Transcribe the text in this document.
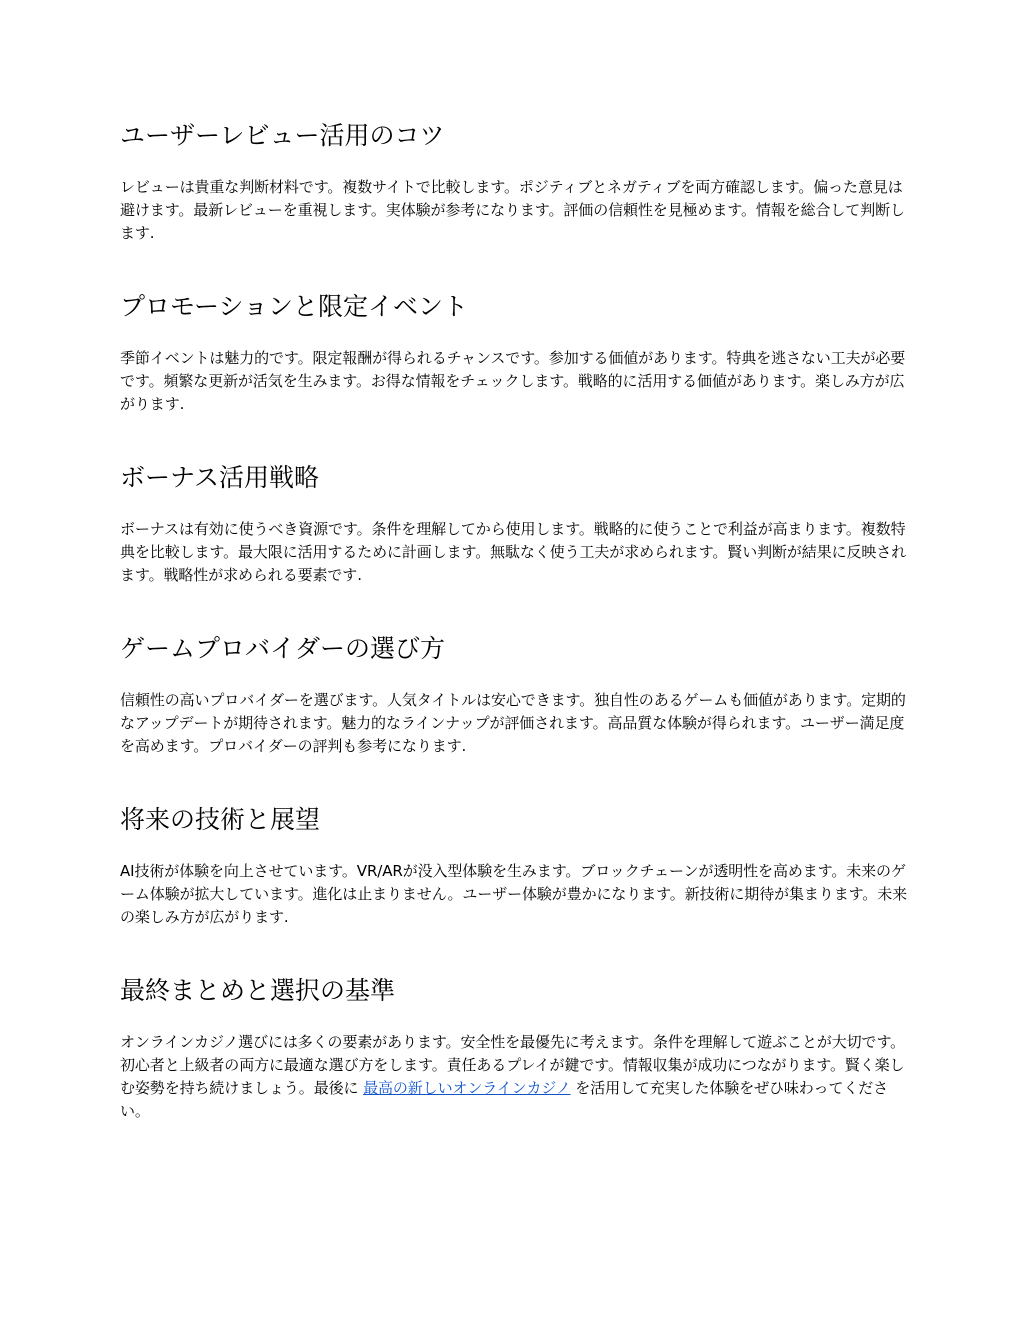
ユーザーレビュー活用のコツ

レビューは貴重な判断材料です。複数サイトで比較します。ポジティブとネガティブを両方確認します。偏った意見は避けます。最新レビューを重視します。実体験が参考になります。評価の信頼性を見極めます。情報を総合して判断します.

プロモーションと限定イベント

季節イベントは魅力的です。限定報酬が得られるチャンスです。参加する価値があります。特典を逃さない工夫が必要です。頻繁な更新が活気を生みます。お得な情報をチェックします。戦略的に活用する価値があります。楽しみ方が広がります.

ボーナス活用戦略

ボーナスは有効に使うべき資源です。条件を理解してから使用します。戦略的に使うことで利益が高まります。複数特典を比較します。最大限に活用するために計画します。無駄なく使う工夫が求められます。賢い判断が結果に反映されます。戦略性が求められる要素です.

ゲームプロバイダーの選び方

信頼性の高いプロバイダーを選びます。人気タイトルは安心できます。独自性のあるゲームも価値があります。定期的なアップデートが期待されます。魅力的なラインナップが評価されます。高品質な体験が得られます。ユーザー満足度を高めます。プロバイダーの評判も参考になります.

将来の技術と展望

AI技術が体験を向上させています。VR/ARが没入型体験を生みます。ブロックチェーンが透明性を高めます。未来のゲーム体験が拡大しています。進化は止まりません。ユーザー体験が豊かになります。新技術に期待が集まります。未来の楽しみ方が広がります.

最終まとめと選択の基準

オンラインカジノ選びには多くの要素があります。安全性を最優先に考えます。条件を理解して遊ぶことが大切です。初心者と上級者の両方に最適な選び方をします。責任あるプレイが鍵です。情報収集が成功につながります。賢く楽しむ姿勢を持ち続けましょう。最後に 最高の新しいオンラインカジノ を活用して充実した体験をぜひ味わってください。
